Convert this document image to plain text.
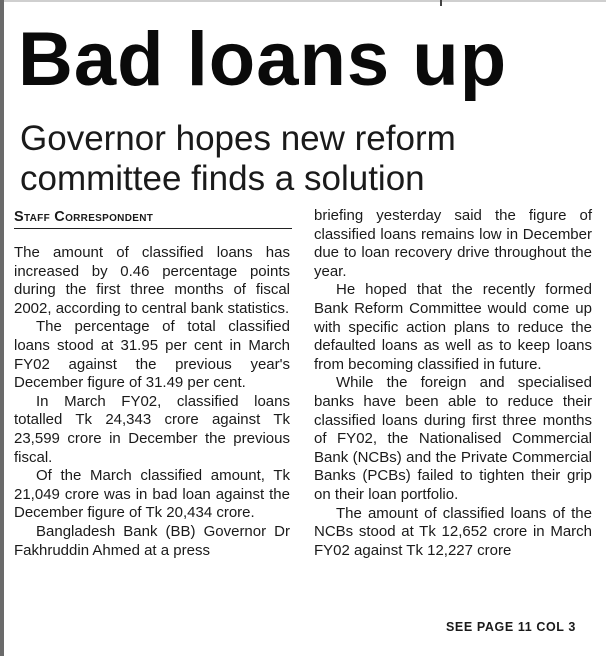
Bad loans up
Governor hopes new reform committee finds a solution
Staff Correspondent

The amount of classified loans has increased by 0.46 percentage points during the first three months of fiscal 2002, according to central bank statistics.

The percentage of total classified loans stood at 31.95 per cent in March FY02 against the previous year's December figure of 31.49 per cent.

In March FY02, classified loans totalled Tk 24,343 crore against Tk 23,599 crore in December the previous fiscal.

Of the March classified amount, Tk 21,049 crore was in bad loan against the December figure of Tk 20,434 crore.

Bangladesh Bank (BB) Governor Dr Fakhruddin Ahmed at a press

briefing yesterday said the figure of classified loans remains low in December due to loan recovery drive throughout the year.

He hoped that the recently formed Bank Reform Committee would come up with specific action plans to reduce the defaulted loans as well as to keep loans from becoming classified in future.

While the foreign and specialised banks have been able to reduce their classified loans during first three months of FY02, the Nationalised Commercial Bank (NCBs) and the Private Commercial Banks (PCBs) failed to tighten their grip on their loan portfolio.

The amount of classified loans of the NCBs stood at Tk 12,652 crore in March FY02 against Tk 12,227 crore

SEE PAGE 11 COL 3
